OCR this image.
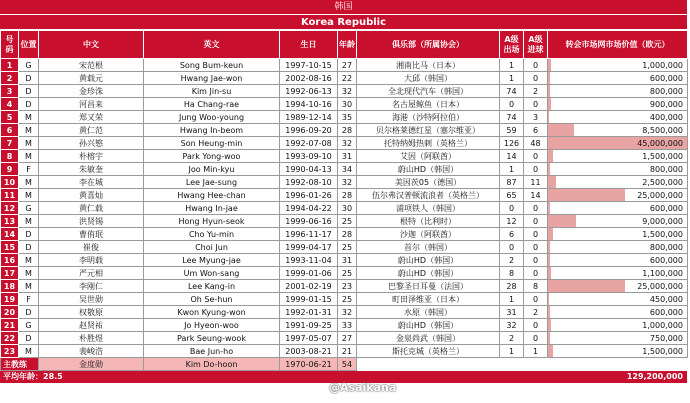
韩国
Korea Republic
号码	位置	中文	英文	生日	年龄	俱乐部（所属协会）	A级出场	A级进球	转会市场网市场价值（欧元）
1	G	宋范根	Song Bum-keun	1997-10-15	27	湘南比马（日本）	1	0	1,000,000

2	D	黄载元	Hwang Jae-won	2002-08-16	22	大邱（韩国）	1	0	600,000

3	D	金珍洙	Kim Jin-su	1992-06-13	32	全北现代汽车（韩国）	74	2	800,000

4	D	河昌来	Ha Chang-rae	1994-10-16	30	名古屋鲸鱼（日本）	0	0	900,000

5	M	郑又荣	Jung Woo-young	1989-12-14	35	海港（沙特阿拉伯）	74	3	400,000

6	M	黄仁范	Hwang In-beom	1996-09-20	28	贝尔格莱德红星（塞尔维亚）	59	6	8,500,000

7	M	孙兴慜	Son Heung-min	1992-07-08	32	托特纳姆热刺（英格兰）	126	48	45,000,000

8	M	朴榕宇	Park Yong-woo	1993-09-10	31	艾因（阿联酋）	14	0	1,500,000

9	F	朱敏奎	Joo Min-kyu	1990-04-13	34	蔚山HD（韩国）	1	0	800,000

10	M	李在城	Lee Jae-sung	1992-08-10	32	美因茨05（德国）	87	11	2,500,000

11	M	黄喜灿	Hwang Hee-chan	1996-01-26	28	伍尔弗汉普顿流浪者（英格兰）	65	14	25,000,000

12	G	黄仁载	Hwang In-jae	1994-04-22	30	浦项铁人（韩国）	0	0	600,000

13	M	洪贤锡	Hong Hyun-seok	1999-06-16	25	根特（比利时）	12	0	9,000,000

14	D	曹侑珉	Cho Yu-min	1996-11-17	28	沙迦（阿联酋）	6	0	1,500,000

15	D	崔俊	Choi Jun	1999-04-17	25	首尔（韩国）	0	0	800,000

16	M	李明载	Lee Myung-jae	1993-11-04	31	蔚山HD（韩国）	2	0	600,000

17	M	严元相	Um Won-sang	1999-01-06	25	蔚山HD（韩国）	8	0	1,100,000

18	M	李刚仁	Lee Kang-in	2001-02-19	23	巴黎圣日耳曼（法国）	28	8	25,000,000

19	F	吴世勋	Oh Se-hun	1999-01-15	25	町田泽维亚（日本）	1	0	450,000

20	D	权敬原	Kwon Kyung-won	1992-01-31	32	水原（韩国）	31	2	600,000

21	G	赵贤祐	Jo Hyeon-woo	1991-09-25	33	蔚山HD（韩国）	32	0	1,000,000

22	D	朴胜煜	Park Seung-wook	1997-05-07	27	金泉尚武（韩国）	2	0	750,000

23	M	裴峻浩	Bae Jun-ho	2003-08-21	21	斯托克城（英格兰）	1	1	1,500,000

主教练		金度勋	Kim Do-hoon	1970-06-21	54				
平均年龄：28.5	129,200,000
@Asaikana
